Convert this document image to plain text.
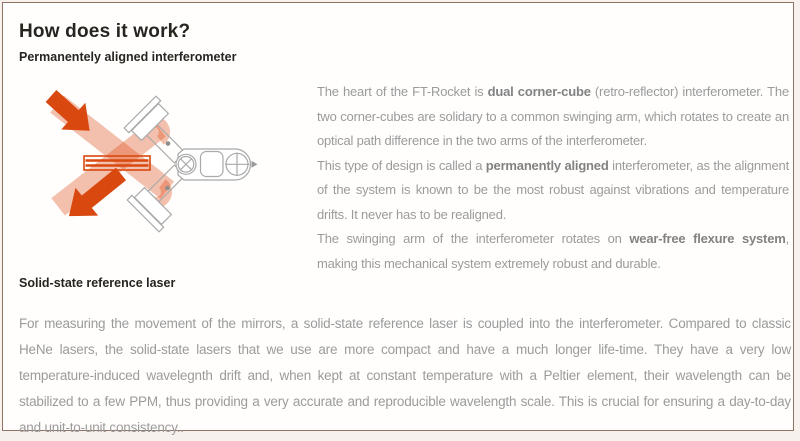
How does it work?
Permanentely aligned interferometer

The heart of the FT-Rocket is dual corner-cube (retro-reflector) interferometer. The two corner-cubes are solidary to a common swinging arm, which rotates to create an optical path difference in the two arms of the interferometer.

This type of design is called a permanently aligned interferometer, as the alignment of the system is known to be the most robust against vibrations and temperature drifts. It never has to be realigned.

The swinging arm of the interferometer rotates on wear-free flexure system, making this mechanical system extremely robust and durable.

Solid-state reference laser

For measuring the movement of the mirrors, a solid-state reference laser is coupled into the interferometer. Compared to classic HeNe lasers, the solid-state lasers that we use are more compact and have a much longer life-time. They have a very low temperature-induced wavelegnth drift and, when kept at constant temperature with a Peltier element, their wavelength can be stabilized to a few PPM, thus providing a very accurate and reproducible wavelength scale. This is crucial for ensuring a day-to-day and unit-to-unit consistency..
